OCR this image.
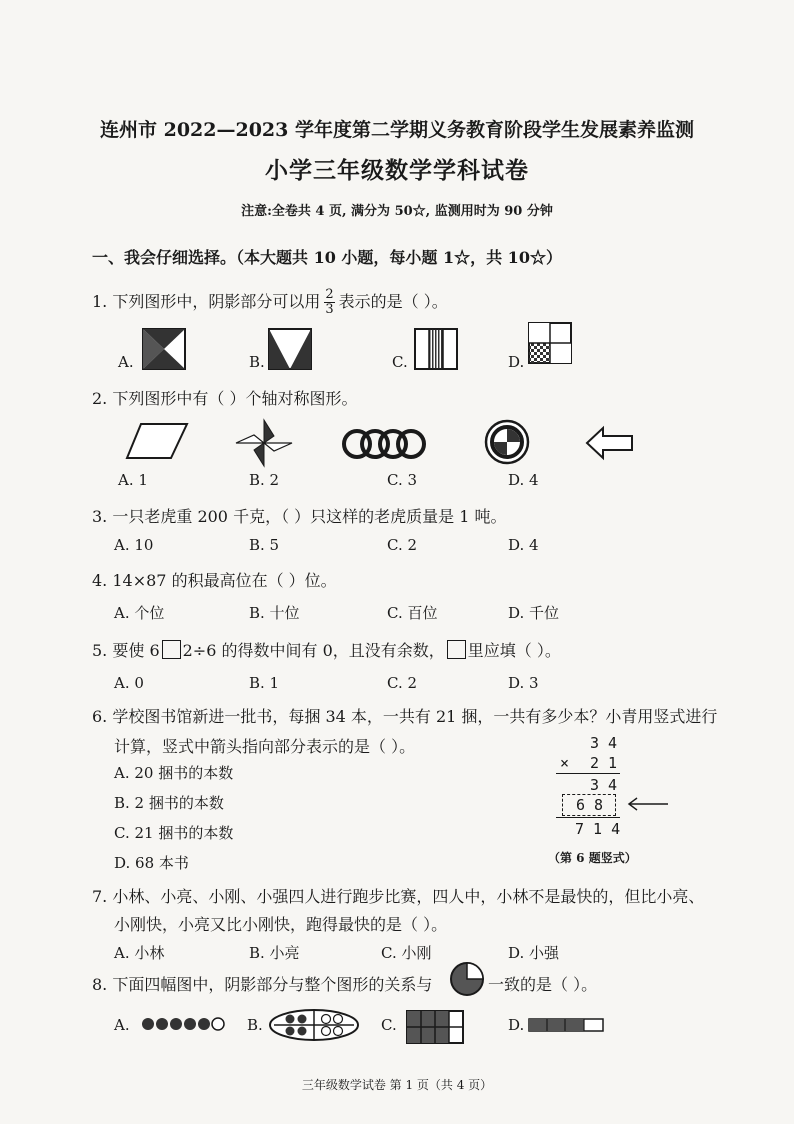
连州市 2022—2023 学年度第二学期义务教育阶段学生发展素养监测
小学三年级数学学科试卷
注意:全卷共 4 页, 满分为 50☆, 监测用时为 90 分钟
一、我会仔细选择。（本大题共 10 小题，每小题 1☆，共 10☆）
1. 下列图形中，阴影部分可以用 $\frac{2}{3}$ 表示的是（ ）。
A.	B.	C.	D.
2. 下列图形中有（ ）个轴对称图形。
A. 1	B. 2	C. 3	D. 4
3. 一只老虎重 200 千克，（ ）只这样的老虎质量是 1 吨。
A. 10	B. 5	C. 2	D. 4
4. 14×87 的积最高位在（ ）位。
A. 个位	B. 十位	C. 百位	D. 千位
5. 要使 6 2÷6 的得数中间有 0，且没有余数， 里应填（ ）。
A. 0	B. 1	C. 2	D. 3
6. 学校图书馆新进一批书，每捆 34 本，一共有 21 捆，一共有多少本？小青用竖式进行
计算，竖式中箭头指向部分表示的是（ ）。
A. 20 捆书的本数
B. 2 捆书的本数
C. 21 捆书的本数
D. 68 本书
3 4
× 2 1
3 4
6 8
7 1 4
（第 6 题竖式）
7. 小林、小亮、小刚、小强四人进行跑步比赛，四人中，小林不是最快的，但比小亮、
小刚快，小亮又比小刚快，跑得最快的是（ ）。
A. 小林	B. 小亮	C. 小刚	D. 小强
8. 下面四幅图中，阴影部分与整个图形的关系与	一致的是（ ）。
A.	B.	C.	D.
三年级数学试卷 第 1 页（共 4 页）
